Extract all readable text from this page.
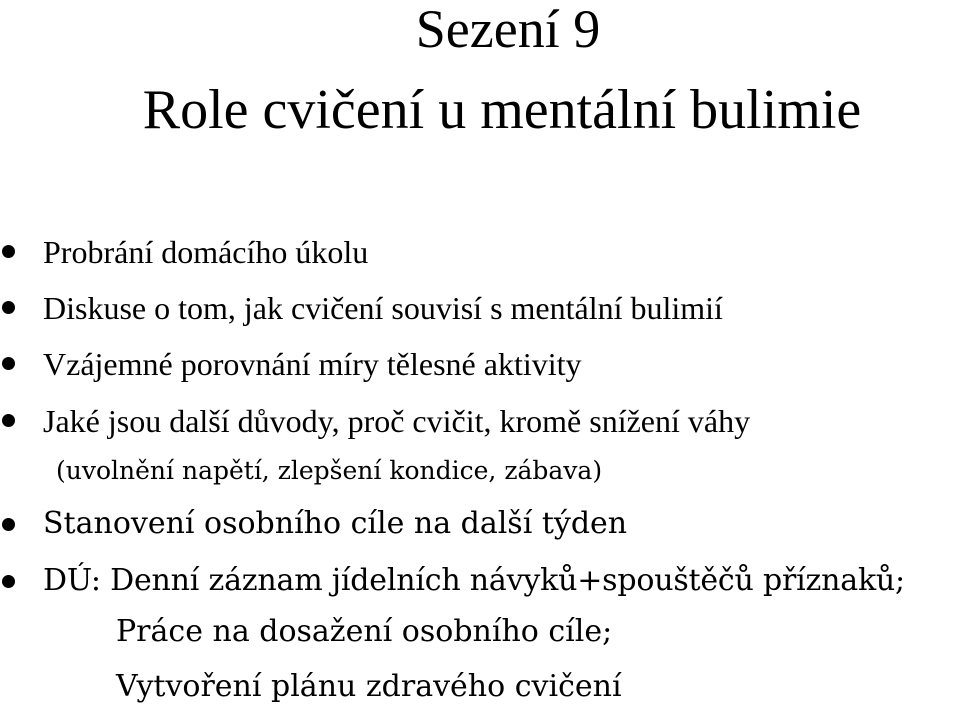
Sezení 9
Role cvičení u mentální bulimie
Probrání domácího úkolu
Diskuse o tom, jak cvičení souvisí s mentální bulimií
Vzájemné porovnání míry tělesné aktivity
Jaké jsou další důvody, proč cvičit, kromě snížení váhy
(uvolnění napětí, zlepšení kondice, zábava)
Stanovení osobního cíle na další týden
DÚ: Denní záznam jídelních návyků+spouštěčů příznaků;
Práce na dosažení osobního cíle;
Vytvoření plánu zdravého cvičení
